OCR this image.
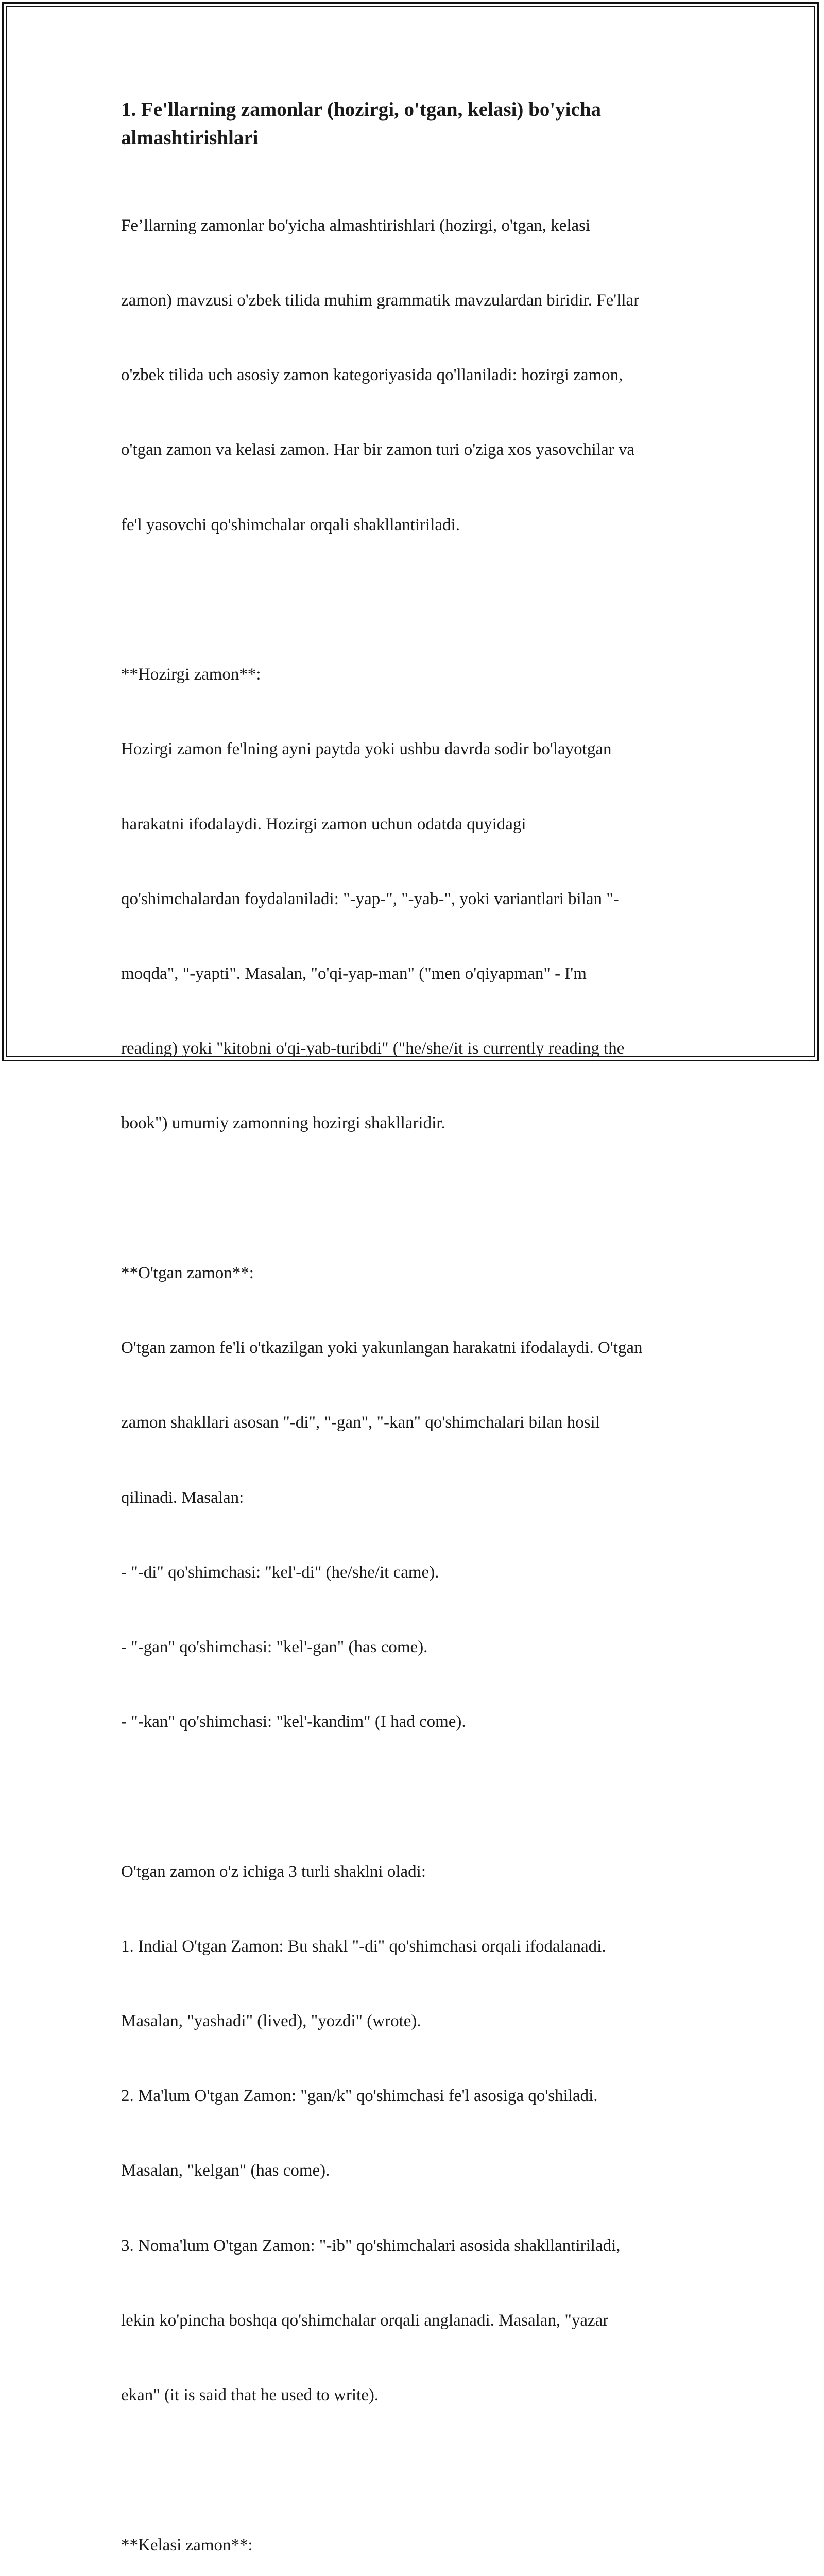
1. Fe'llarning zamonlar (hozirgi, o'tgan, kelasi) bo'yicha
almashtirishlari

Fe’llarning zamonlar bo'yicha almashtirishlari (hozirgi, o'tgan, kelasi

zamon) mavzusi o'zbek tilida muhim grammatik mavzulardan biridir. Fe'llar

o'zbek tilida uch asosiy zamon kategoriyasida qo'llaniladi: hozirgi zamon,

o'tgan zamon va kelasi zamon. Har bir zamon turi o'ziga xos yasovchilar va

fe'l yasovchi qo'shimchalar orqali shakllantiriladi.

**Hozirgi zamon**:

Hozirgi zamon fe'lning ayni paytda yoki ushbu davrda sodir bo'layotgan

harakatni ifodalaydi. Hozirgi zamon uchun odatda quyidagi

qo'shimchalardan foydalaniladi: "-yap-", "-yab-", yoki variantlari bilan "-

moqda", "-yapti". Masalan, "o'qi-yap-man" ("men o'qiyapman" - I'm

reading) yoki "kitobni o'qi-yab-turibdi" ("he/she/it is currently reading the

book") umumiy zamonning hozirgi shakllaridir.

**O'tgan zamon**:

O'tgan zamon fe'li o'tkazilgan yoki yakunlangan harakatni ifodalaydi. O'tgan

zamon shakllari asosan "-di", "-gan", "-kan" qo'shimchalari bilan hosil

qilinadi. Masalan:

- "-di" qo'shimchasi: "kel'-di" (he/she/it came).

- "-gan" qo'shimchasi: "kel'-gan" (has come).

- "-kan" qo'shimchasi: "kel'-kandim" (I had come).

O'tgan zamon o'z ichiga 3 turli shaklni oladi:

1. Indial O'tgan Zamon: Bu shakl "-di" qo'shimchasi orqali ifodalanadi.

Masalan, "yashadi" (lived), "yozdi" (wrote).

2. Ma'lum O'tgan Zamon: "gan/k" qo'shimchasi fe'l asosiga qo'shiladi.

Masalan, "kelgan" (has come).

3. Noma'lum O'tgan Zamon: "-ib" qo'shimchalari asosida shakllantiriladi,

lekin ko'pincha boshqa qo'shimchalar orqali anglanadi. Masalan, "yazar

ekan" (it is said that he used to write).

**Kelasi zamon**:
